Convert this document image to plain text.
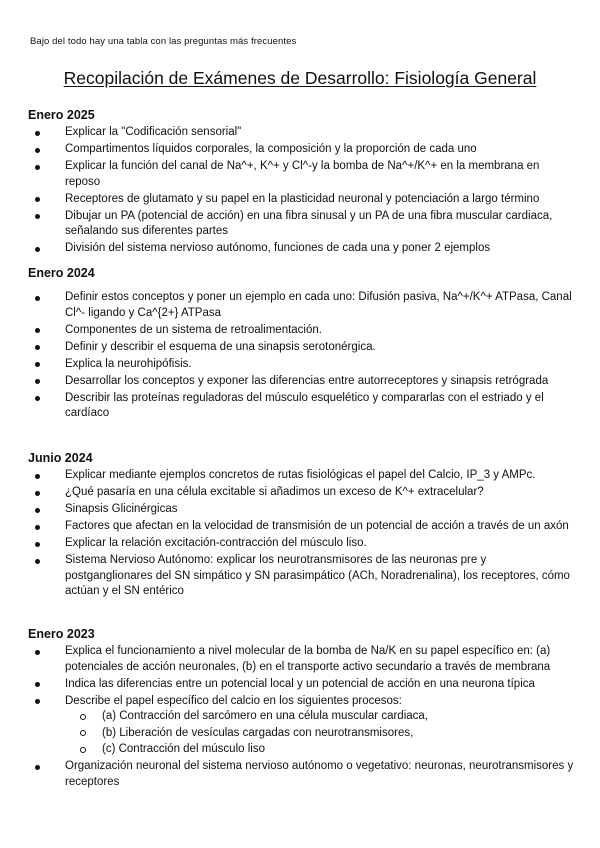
Bajo del todo hay una tabla con las preguntas más frecuentes
Recopilación de Exámenes de Desarrollo: Fisiología General
Enero 2025
Explicar la "Codificación sensorial"
Compartimentos líquidos corporales, la composición y la proporción de cada uno
Explicar la función del canal de Na^+, K^+ y Cl^-y la bomba de Na^+/K^+ en la membrana en reposo
Receptores de glutamato y su papel en la plasticidad neuronal y potenciación a largo término
Dibujar un PA (potencial de acción) en una fibra sinusal y un PA de una fibra muscular cardiaca, señalando sus diferentes partes
División del sistema nervioso autónomo, funciones de cada una y poner 2 ejemplos
Enero 2024
Definir estos conceptos y poner un ejemplo en cada uno: Difusión pasiva, Na^+/K^+ ATPasa, Canal Cl^- ligando y Ca^{2+} ATPasa
Componentes de un sistema de retroalimentación.
Definir y describir el esquema de una sinapsis serotonérgica.
Explica la neurohipófisis.
Desarrollar los conceptos y exponer las diferencias entre autorreceptores y sinapsis retrógrada
Describir las proteínas reguladoras del músculo esquelético y compararlas con el estriado y el cardíaco
Junio 2024
Explicar mediante ejemplos concretos de rutas fisiológicas el papel del Calcio, IP_3 y AMPc.
¿Qué pasaría en una célula excitable si añadimos un exceso de K^+ extracelular?
Sinapsis Glicinérgicas
Factores que afectan en la velocidad de transmisión de un potencial de acción a través de un axón
Explicar la relación excitación-contracción del músculo liso.
Sistema Nervioso Autónomo: explicar los neurotransmisores de las neuronas pre y postganglionares del SN simpático y SN parasimpático (ACh, Noradrenalina), los receptores, cómo actúan y el SN entérico
Enero 2023
Explica el funcionamiento a nivel molecular de la bomba de Na/K en su papel específico en: (a) potenciales de acción neuronales, (b) en el transporte activo secundario a través de membrana
Indica las diferencias entre un potencial local y un potencial de acción en una neurona típica
Describe el papel específico del calcio en los siguientes procesos:
(a) Contracción del sarcómero en una célula muscular cardiaca,
(b) Liberación de vesículas cargadas con neurotransmisores,
(c) Contracción del músculo liso
Organización neuronal del sistema nervioso autónomo o vegetativo: neuronas, neurotransmisores y receptores
